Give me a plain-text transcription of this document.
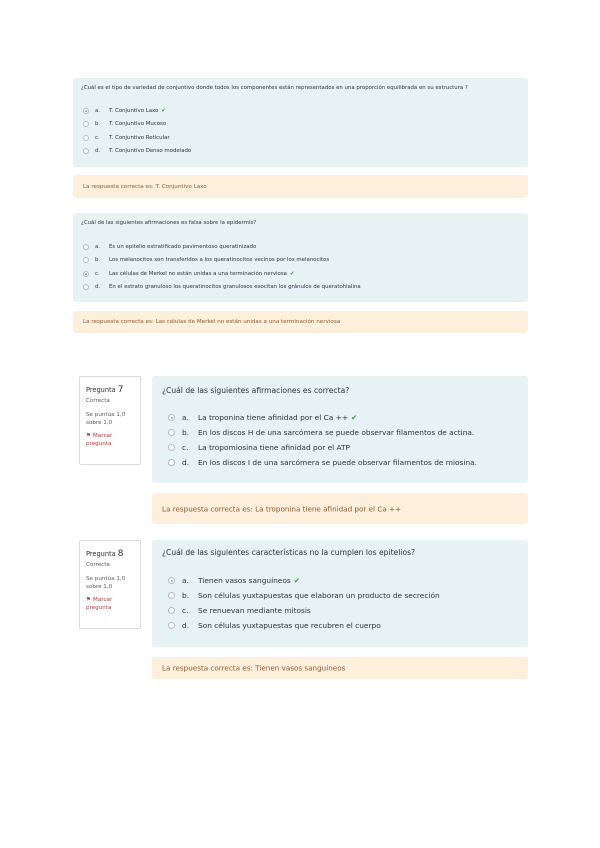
¿Cuál es el tipo de variedad de conjuntivo donde todos los componentes están representados en una proporción equilibrada en su estructura ?
a.	T. Conjuntivo Laxo ✔
b.	T. Conjuntivo Mucoso
c.	T. Conjuntivo Reticular
d.	T. Conjuntivo Denso modelado
La respuesta correcta es: T. Conjuntivo Laxo
¿Cuál de las siguientes afirmaciones es falsa sobre la epidermis?
a.	Es un epitelio estratificado pavimentoso queratinizado
b.	Los melanocitos son transferidos a los queratinocitos vecinos por los melanocitos
c.	Las células de Merkel no están unidas a una terminación nerviosa ✔
d.	En el estrato granuloso los queratinocitos granulosos exocitan los gránulos de queratohialina
La respuesta correcta es: Las células de Merkel no están unidas a una terminación nerviosa
Pregunta 7
Correcta
Se puntúa 1,0 sobre 1,0
⚑ Marcar pregunta
¿Cuál de las siguientes afirmaciones es correcta?
a.	La troponina tiene afinidad por el Ca ++ ✔
b.	En los discos H de una sarcómera se puede observar filamentos de actina.
c.	La tropomiosina tiene afinidad por el ATP
d.	En los discos I de una sarcómera se puede observar filamentos de miosina.
La respuesta correcta es: La troponina tiene afinidad por el Ca ++
Pregunta 8
Correcta
Se puntúa 1,0 sobre 1,0
⚑ Marcar pregunta
¿Cuál de las siguientes características no la cumplen los epitelios?
a.	Tienen vasos sanguíneos ✔
b.	Son células yuxtapuestas que elaboran un producto de secreción
c.	Se renuevan mediante mitosis
d.	Son células yuxtapuestas que recubren el cuerpo
La respuesta correcta es: Tienen vasos sanguíneos
